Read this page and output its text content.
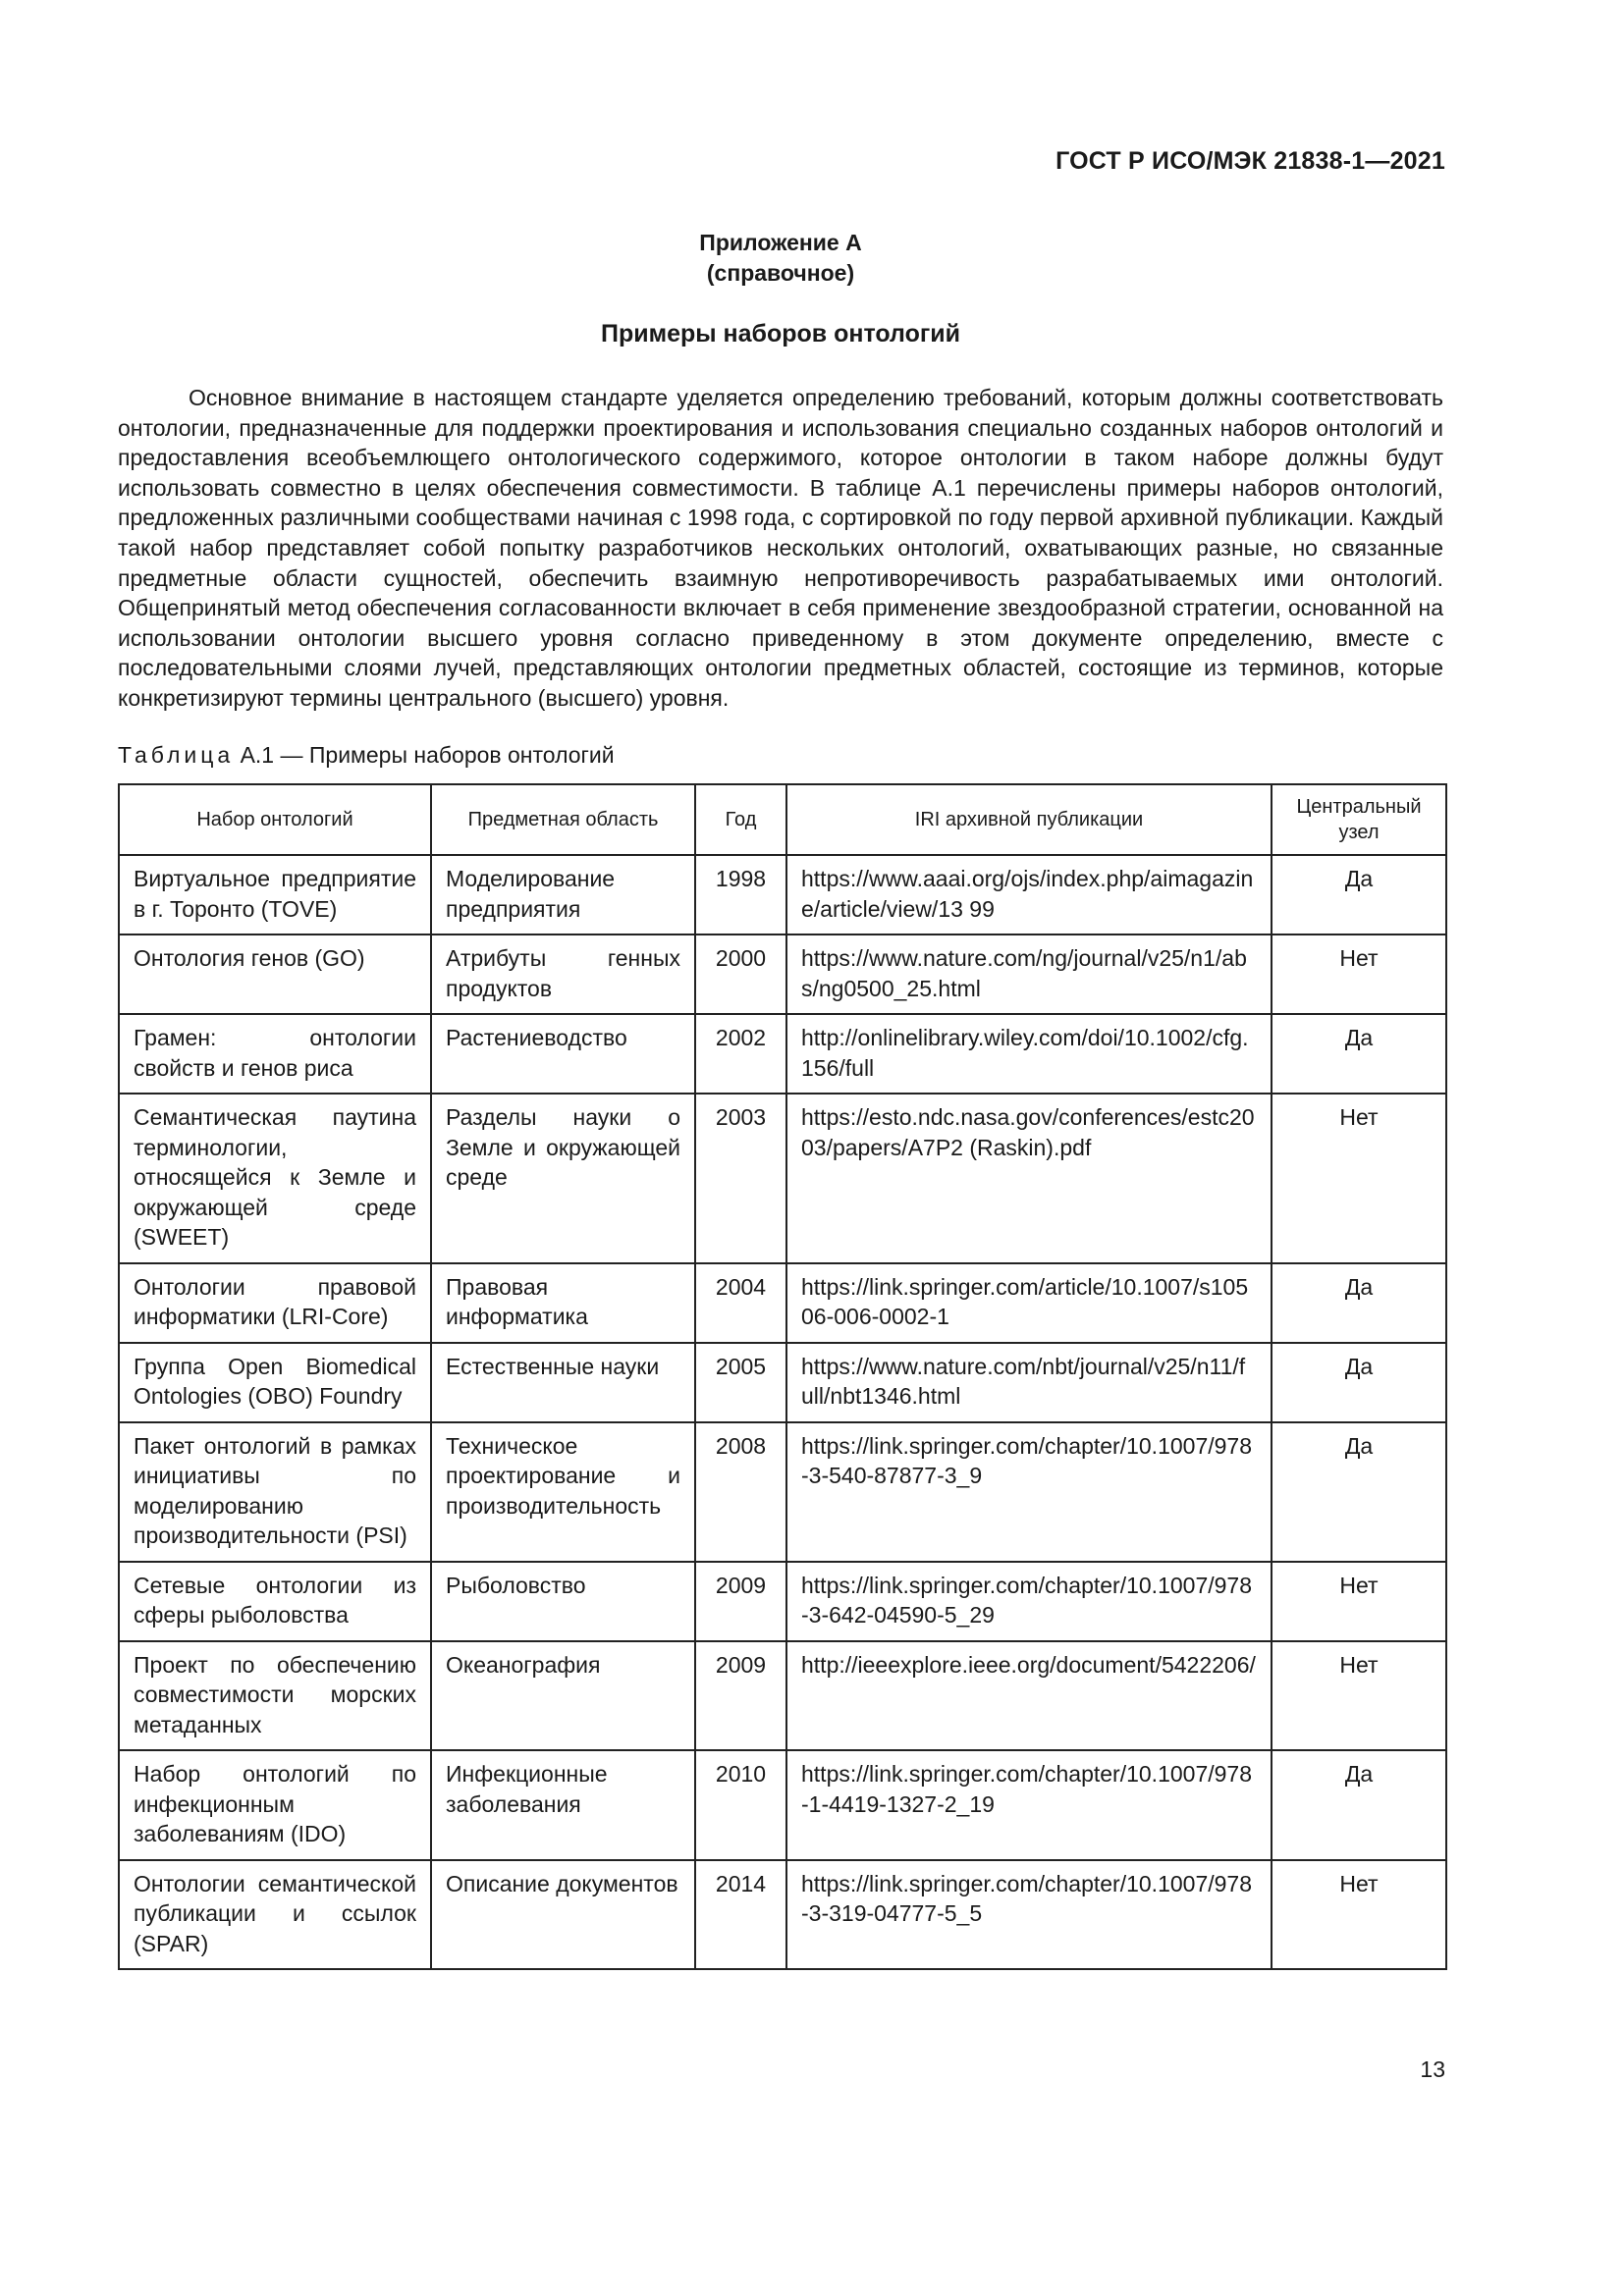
ГОСТ Р ИСО/МЭК 21838-1—2021
Приложение А
(справочное)
Примеры наборов онтологий

Основное внимание в настоящем стандарте уделяется определению требований, которым должны соответствовать онтологии, предназначенные для поддержки проектирования и использования специально созданных наборов онтологий и предоставления всеобъемлющего онтологического содержимого, которое онтологии в таком наборе должны будут использовать совместно в целях обеспечения совместимости. В таблице А.1 перечислены примеры наборов онтологий, предложенных различными сообществами начиная с 1998 года, с сортировкой по году первой архивной публикации. Каждый такой набор представляет собой попытку разработчиков нескольких онтологий, охватывающих разные, но связанные предметные области сущностей, обеспечить взаимную непротиворечивость разрабатываемых ими онтологий. Общепринятый метод обеспечения согласованности включает в себя применение звездообразной стратегии, основанной на использовании онтологии высшего уровня согласно приведенному в этом документе определению, вместе с последовательными слоями лучей, представляющих онтологии предметных областей, состоящие из терминов, которые конкретизируют термины центрального (высшего) уровня.

Таблица А.1 — Примеры наборов онтологий
Набор онтологий	Предметная область	Год	IRI архивной публикации	Центральный узел
Виртуальное предприятие в г. Торонто (TOVE)	Моделирование предприятия	1998	https://www.aaai.org/ojs/index.php/aimagazine/article/view/13 99	Да
Онтология генов (GO)	Атрибуты генных продуктов	2000	https://www.nature.com/ng/journal/v25/n1/abs/ng0500_25.html	Нет
Грамен: онтологии свойств и генов риса	Растениеводство	2002	http://onlinelibrary.wiley.com/doi/10.1002/cfg.156/full	Да
Семантическая паутина терминологии, относящейся к Земле и окружающей среде (SWEET)	Разделы науки о Земле и окружающей среде	2003	https://esto.ndc.nasa.gov/conferences/estc2003/papers/A7P2 (Raskin).pdf	Нет
Онтологии правовой информатики (LRI-Core)	Правовая информатика	2004	https://link.springer.com/article/10.1007/s10506-006-0002-1	Да
Группа Open Biomedical Ontologies (OBO) Foundry	Естественные науки	2005	https://www.nature.com/nbt/journal/v25/n11/full/nbt1346.html	Да
Пакет онтологий в рамках инициативы по моделированию производительности (PSI)	Техническое проектирование и производительность	2008	https://link.springer.com/chapter/10.1007/978-3-540-87877-3_9	Да
Сетевые онтологии из сферы рыболовства	Рыболовство	2009	https://link.springer.com/chapter/10.1007/978-3-642-04590-5_29	Нет
Проект по обеспечению совместимости морских метаданных	Океанография	2009	http://ieeexplore.ieee.org/document/5422206/	Нет
Набор онтологий по инфекционным заболеваниям (IDO)	Инфекционные заболевания	2010	https://link.springer.com/chapter/10.1007/978-1-4419-1327-2_19	Да
Онтологии семантической публикации и ссылок (SPAR)	Описание документов	2014	https://link.springer.com/chapter/10.1007/978-3-319-04777-5_5	Нет
13
